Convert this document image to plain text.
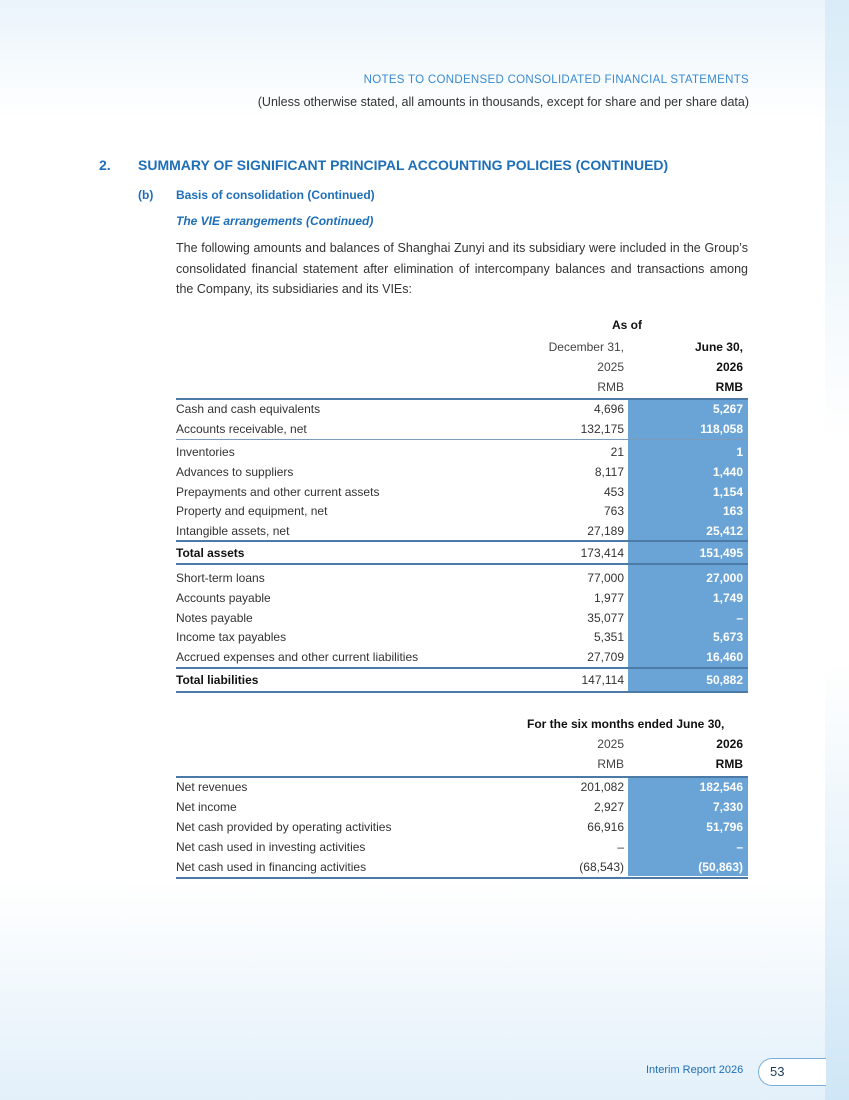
NOTES TO CONDENSED CONSOLIDATED FINANCIAL STATEMENTS
(Unless otherwise stated, all amounts in thousands, except for share and per share data)
2. SUMMARY OF SIGNIFICANT PRINCIPAL ACCOUNTING POLICIES (CONTINUED)
(b) Basis of consolidation (Continued)
The VIE arrangements (Continued)
The following amounts and balances of Shanghai Zunyi and its subsidiary were included in the Group’s consolidated financial statement after elimination of intercompany balances and transactions among the Company, its subsidiaries and its VIEs:
As of
December 31,	June 30,
2025	2026
RMB	RMB
Cash and cash equivalents	4,696	5,267
Accounts receivable, net	132,175	118,058
Inventories	21	1
Advances to suppliers	8,117	1,440
Prepayments and other current assets	453	1,154
Property and equipment, net	763	163
Intangible assets, net	27,189	25,412
Total assets	173,414	151,495
Short-term loans	77,000	27,000
Accounts payable	1,977	1,749
Notes payable	35,077	–
Income tax payables	5,351	5,673
Accrued expenses and other current liabilities	27,709	16,460
Total liabilities	147,114	50,882
For the six months ended June 30,
2025	2026
RMB	RMB
Net revenues	201,082	182,546
Net income	2,927	7,330
Net cash provided by operating activities	66,916	51,796
Net cash used in investing activities	–	–
Net cash used in financing activities	(68,543)	(50,863)
Interim Report 2026 53
